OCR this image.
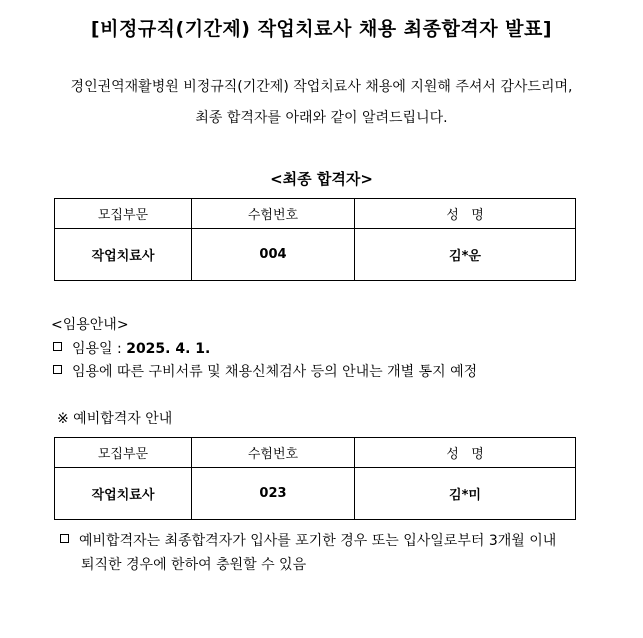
[비정규직(기간제) 작업치료사 채용 최종합격자 발표]
경인권역재활병원 비정규직(기간제) 작업치료사 채용에 지원해 주셔서 감사드리며,
최종 합격자를 아래와 같이 알려드립니다.
<최종 합격자>
모집부문	수험번호	성   명
작업치료사	004	김*운
<임용안내>
임용일 : 2025. 4. 1.
임용에 따른 구비서류 및 채용신체검사 등의 안내는 개별 통지 예정
※ 예비합격자 안내
모집부문	수험번호	성   명
작업치료사	023	김*미
예비합격자는 최종합격자가 입사를 포기한 경우 또는 입사일로부터 3개월 이내
퇴직한 경우에 한하여 충원할 수 있음
